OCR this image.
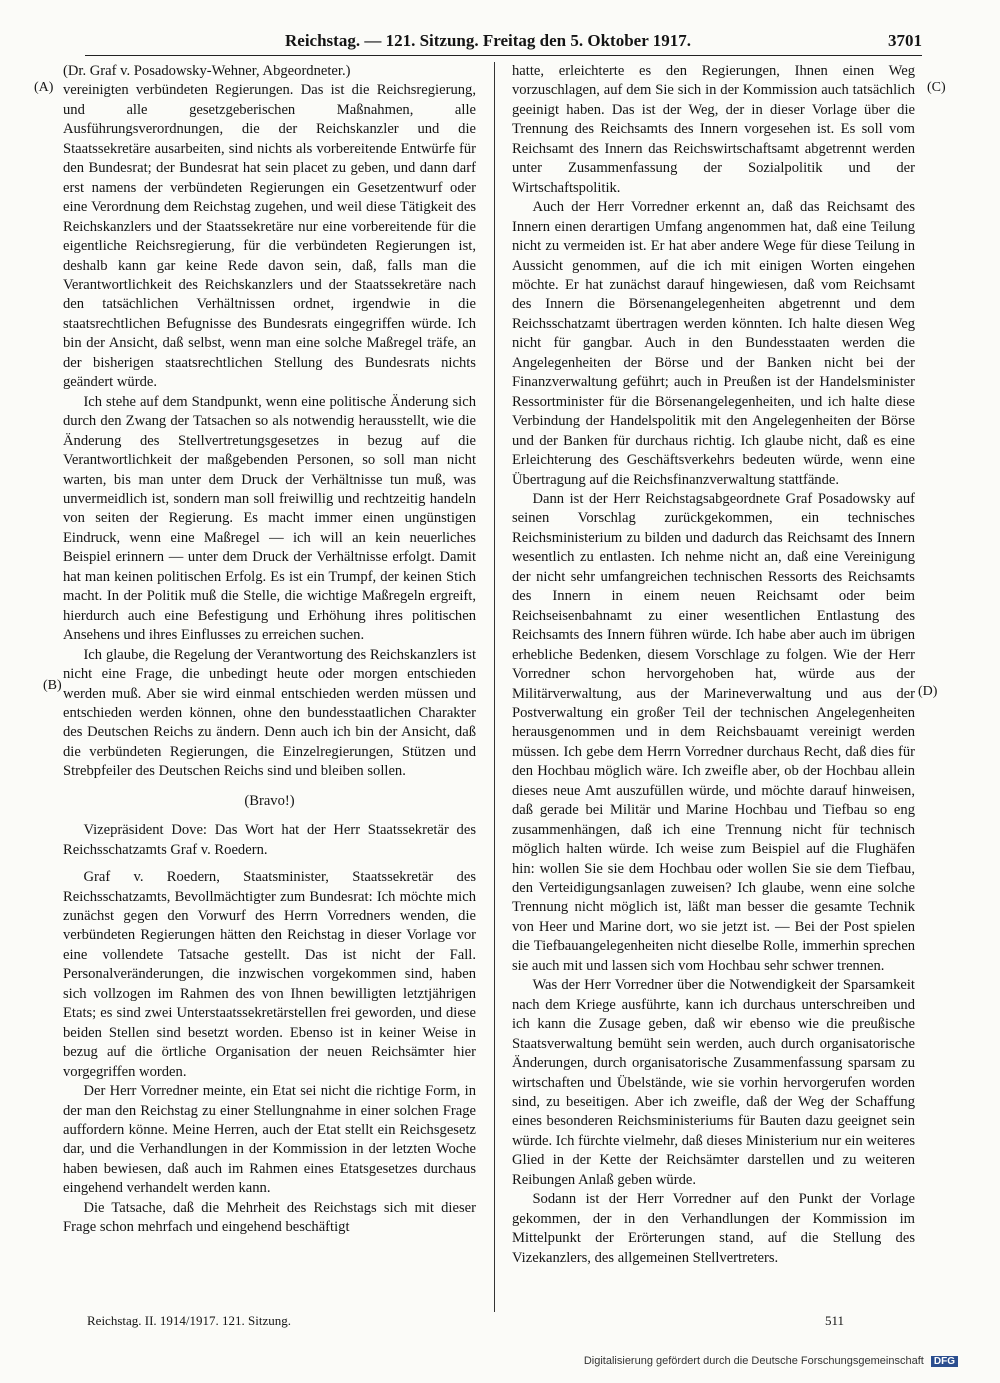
Reichstag. — 121. Sitzung. Freitag den 5. Oktober 1917.	3701
(A)
(B)
(C)
(D)

(Dr. Graf v. Posadowsky-Wehner, Abgeordneter.)

vereinigten verbündeten Regierungen. Das ist die Reichsregierung, und alle gesetzgeberischen Maßnahmen, alle Ausführungsverordnungen, die der Reichskanzler und die Staatssekretäre ausarbeiten, sind nichts als vorbereitende Entwürfe für den Bundesrat; der Bundesrat hat sein placet zu geben, und dann darf erst namens der verbündeten Regierungen ein Gesetzentwurf oder eine Verordnung dem Reichstag zugehen, und weil diese Tätigkeit des Reichskanzlers und der Staatssekretäre nur eine vorbereitende für die eigentliche Reichsregierung, für die verbündeten Regierungen ist, deshalb kann gar keine Rede davon sein, daß, falls man die Verantwortlichkeit des Reichskanzlers und der Staatssekretäre nach den tatsächlichen Verhältnissen ordnet, irgendwie in die staatsrechtlichen Befugnisse des Bundesrats eingegriffen würde. Ich bin der Ansicht, daß selbst, wenn man eine solche Maßregel träfe, an der bisherigen staatsrechtlichen Stellung des Bundesrats nichts geändert würde.

Ich stehe auf dem Standpunkt, wenn eine politische Änderung sich durch den Zwang der Tatsachen so als notwendig herausstellt, wie die Änderung des Stellvertretungsgesetzes in bezug auf die Verantwortlichkeit der maßgebenden Personen, so soll man nicht warten, bis man unter dem Druck der Verhältnisse tun muß, was unvermeidlich ist, sondern man soll freiwillig und rechtzeitig handeln von seiten der Regierung. Es macht immer einen ungünstigen Eindruck, wenn eine Maßregel — ich will an kein neuerliches Beispiel erinnern — unter dem Druck der Verhältnisse erfolgt. Damit hat man keinen politischen Erfolg. Es ist ein Trumpf, der keinen Stich macht. In der Politik muß die Stelle, die wichtige Maßregeln ergreift, hierdurch auch eine Befestigung und Erhöhung ihres politischen Ansehens und ihres Einflusses zu erreichen suchen.

Ich glaube, die Regelung der Verantwortung des Reichskanzlers ist nicht eine Frage, die unbedingt heute oder morgen entschieden werden muß. Aber sie wird einmal entschieden werden müssen und entschieden werden können, ohne den bundesstaatlichen Charakter des Deutschen Reichs zu ändern. Denn auch ich bin der Ansicht, daß die verbündeten Regierungen, die Einzelregierungen, Stützen und Strebpfeiler des Deutschen Reichs sind und bleiben sollen.

(Bravo!)

Vizepräsident Dove: Das Wort hat der Herr Staatssekretär des Reichsschatzamts Graf v. Roedern.

Graf v. Roedern, Staatsminister, Staatssekretär des Reichsschatzamts, Bevollmächtigter zum Bundesrat: Ich möchte mich zunächst gegen den Vorwurf des Herrn Vorredners wenden, die verbündeten Regierungen hätten den Reichstag in dieser Vorlage vor eine vollendete Tatsache gestellt. Das ist nicht der Fall. Personalveränderungen, die inzwischen vorgekommen sind, haben sich vollzogen im Rahmen des von Ihnen bewilligten letztjährigen Etats; es sind zwei Unterstaatssekretärstellen frei geworden, und diese beiden Stellen sind besetzt worden. Ebenso ist in keiner Weise in bezug auf die örtliche Organisation der neuen Reichsämter hier vorgegriffen worden.

Der Herr Vorredner meinte, ein Etat sei nicht die richtige Form, in der man den Reichstag zu einer Stellungnahme in einer solchen Frage auffordern könne. Meine Herren, auch der Etat stellt ein Reichsgesetz dar, und die Verhandlungen in der Kommission in der letzten Woche haben bewiesen, daß auch im Rahmen eines Etatsgesetzes durchaus eingehend verhandelt werden kann.

Die Tatsache, daß die Mehrheit des Reichstags sich mit dieser Frage schon mehrfach und eingehend beschäftigt

hatte, erleichterte es den Regierungen, Ihnen einen Weg vorzuschlagen, auf dem Sie sich in der Kommission auch tatsächlich geeinigt haben. Das ist der Weg, der in dieser Vorlage über die Trennung des Reichsamts des Innern vorgesehen ist. Es soll vom Reichsamt des Innern das Reichswirtschaftsamt abgetrennt werden unter Zusammenfassung der Sozialpolitik und der Wirtschaftspolitik.

Auch der Herr Vorredner erkennt an, daß das Reichsamt des Innern einen derartigen Umfang angenommen hat, daß eine Teilung nicht zu vermeiden ist. Er hat aber andere Wege für diese Teilung in Aussicht genommen, auf die ich mit einigen Worten eingehen möchte. Er hat zunächst darauf hingewiesen, daß vom Reichsamt des Innern die Börsenangelegenheiten abgetrennt und dem Reichsschatzamt übertragen werden könnten. Ich halte diesen Weg nicht für gangbar. Auch in den Bundesstaaten werden die Angelegenheiten der Börse und der Banken nicht bei der Finanzverwaltung geführt; auch in Preußen ist der Handelsminister Ressortminister für die Börsenangelegenheiten, und ich halte diese Verbindung der Handelspolitik mit den Angelegenheiten der Börse und der Banken für durchaus richtig. Ich glaube nicht, daß es eine Erleichterung des Geschäftsverkehrs bedeuten würde, wenn eine Übertragung auf die Reichsfinanzverwaltung stattfände.

Dann ist der Herr Reichstagsabgeordnete Graf Posadowsky auf seinen Vorschlag zurückgekommen, ein technisches Reichsministerium zu bilden und dadurch das Reichsamt des Innern wesentlich zu entlasten. Ich nehme nicht an, daß eine Vereinigung der nicht sehr umfangreichen technischen Ressorts des Reichsamts des Innern in einem neuen Reichsamt oder beim Reichseisenbahnamt zu einer wesentlichen Entlastung des Reichsamts des Innern führen würde. Ich habe aber auch im übrigen erhebliche Bedenken, diesem Vorschlage zu folgen. Wie der Herr Vorredner schon hervorgehoben hat, würde aus der Militärverwaltung, aus der Marineverwaltung und aus der Postverwaltung ein großer Teil der technischen Angelegenheiten herausgenommen und in dem Reichsbauamt vereinigt werden müssen. Ich gebe dem Herrn Vorredner durchaus Recht, daß dies für den Hochbau möglich wäre. Ich zweifle aber, ob der Hochbau allein dieses neue Amt auszufüllen würde, und möchte darauf hinweisen, daß gerade bei Militär und Marine Hochbau und Tiefbau so eng zusammenhängen, daß ich eine Trennung nicht für technisch möglich halten würde. Ich weise zum Beispiel auf die Flughäfen hin: wollen Sie sie dem Hochbau oder wollen Sie sie dem Tiefbau, den Verteidigungsanlagen zuweisen? Ich glaube, wenn eine solche Trennung nicht möglich ist, läßt man besser die gesamte Technik von Heer und Marine dort, wo sie jetzt ist. — Bei der Post spielen die Tiefbauangelegenheiten nicht dieselbe Rolle, immerhin sprechen sie auch mit und lassen sich vom Hochbau sehr schwer trennen.

Was der Herr Vorredner über die Notwendigkeit der Sparsamkeit nach dem Kriege ausführte, kann ich durchaus unterschreiben und ich kann die Zusage geben, daß wir ebenso wie die preußische Staatsverwaltung bemüht sein werden, auch durch organisatorische Änderungen, durch organisatorische Zusammenfassung sparsam zu wirtschaften und Übelstände, wie sie vorhin hervorgerufen worden sind, zu beseitigen. Aber ich zweifle, daß der Weg der Schaffung eines besonderen Reichsministeriums für Bauten dazu geeignet sein würde. Ich fürchte vielmehr, daß dieses Ministerium nur ein weiteres Glied in der Kette der Reichsämter darstellen und zu weiteren Reibungen Anlaß geben würde.

Sodann ist der Herr Vorredner auf den Punkt der Vorlage gekommen, der in den Verhandlungen der Kommission im Mittelpunkt der Erörterungen stand, auf die Stellung des Vizekanzlers, des allgemeinen Stellvertreters.

Reichstag. II. 1914/1917. 121. Sitzung.	511
Digitalisierung gefördert durch die Deutsche Forschungsgemeinschaft DFG
